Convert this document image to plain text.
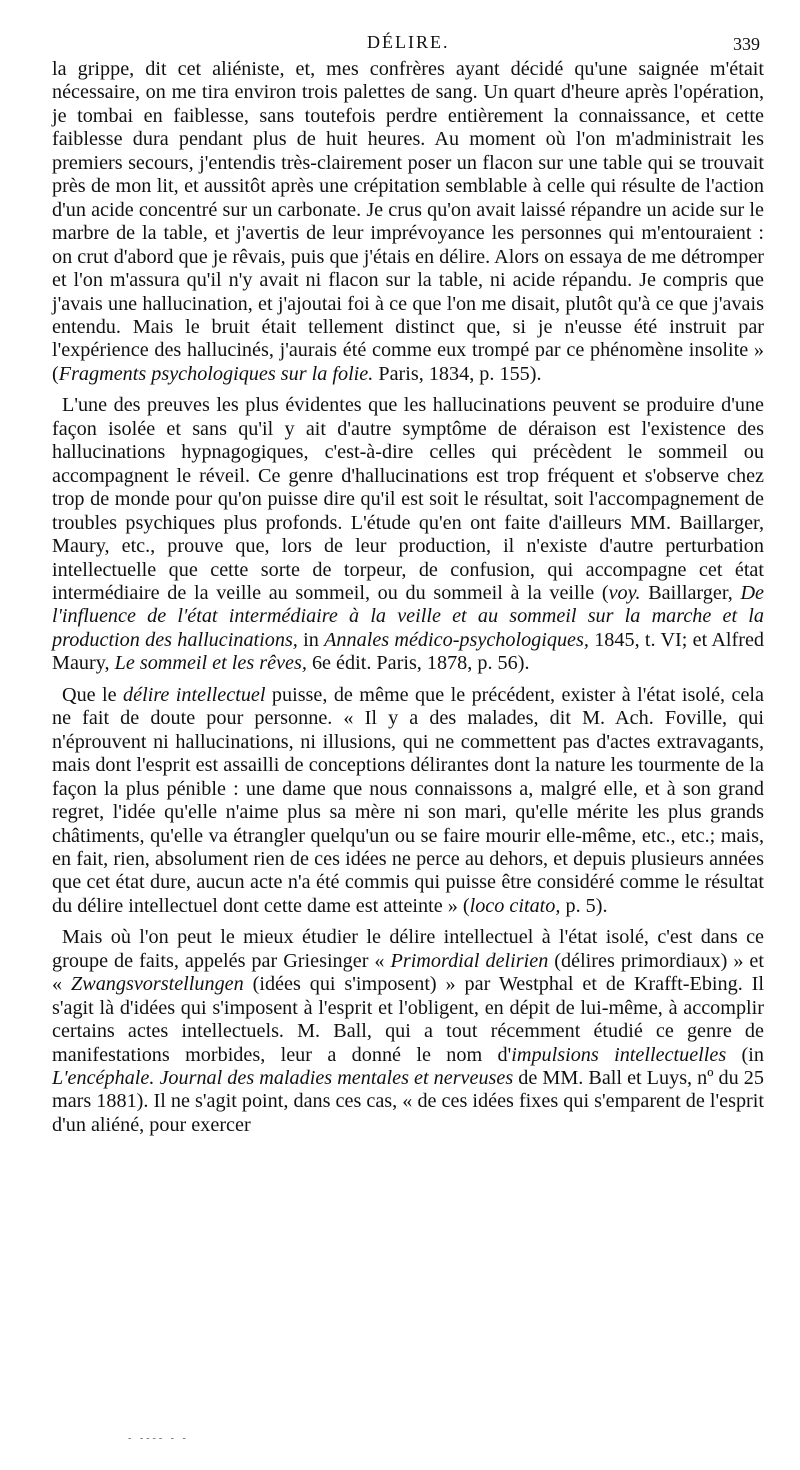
DÉLIRE.	339

la grippe, dit cet aliéniste, et, mes confrères ayant décidé qu'une saignée m'était nécessaire, on me tira environ trois palettes de sang. Un quart d'heure après l'opération, je tombai en faiblesse, sans toutefois perdre entièrement la connaissance, et cette faiblesse dura pendant plus de huit heures. Au moment où l'on m'administrait les premiers secours, j'entendis très-clairement poser un flacon sur une table qui se trouvait près de mon lit, et aussitôt après une crépitation semblable à celle qui résulte de l'action d'un acide concentré sur un carbonate. Je crus qu'on avait laissé répandre un acide sur le marbre de la table, et j'avertis de leur imprévoyance les personnes qui m'entouraient : on crut d'abord que je rêvais, puis que j'étais en délire. Alors on essaya de me détromper et l'on m'assura qu'il n'y avait ni flacon sur la table, ni acide répandu. Je compris que j'avais une hallucination, et j'ajoutai foi à ce que l'on me disait, plutôt qu'à ce que j'avais entendu. Mais le bruit était tellement distinct que, si je n'eusse été instruit par l'expérience des hallucinés, j'aurais été comme eux trompé par ce phénomène insolite » (Fragments psychologiques sur la folie. Paris, 1834, p. 155).

L'une des preuves les plus évidentes que les hallucinations peuvent se produire d'une façon isolée et sans qu'il y ait d'autre symptôme de déraison est l'existence des hallucinations hypnagogiques, c'est-à-dire celles qui précèdent le sommeil ou accompagnent le réveil. Ce genre d'hallucinations est trop fréquent et s'observe chez trop de monde pour qu'on puisse dire qu'il est soit le résultat, soit l'accompagnement de troubles psychiques plus profonds. L'étude qu'en ont faite d'ailleurs MM. Baillarger, Maury, etc., prouve que, lors de leur production, il n'existe d'autre perturbation intellectuelle que cette sorte de torpeur, de confusion, qui accompagne cet état intermédiaire de la veille au sommeil, ou du sommeil à la veille (voy. Baillarger, De l'influence de l'état intermédiaire à la veille et au sommeil sur la marche et la production des hallucinations, in Annales médico-psychologiques, 1845, t. VI; et Alfred Maury, Le sommeil et les rêves, 6e édit. Paris, 1878, p. 56).

Que le délire intellectuel puisse, de même que le précédent, exister à l'état isolé, cela ne fait de doute pour personne. « Il y a des malades, dit M. Ach. Foville, qui n'éprouvent ni hallucinations, ni illusions, qui ne commettent pas d'actes extravagants, mais dont l'esprit est assailli de conceptions délirantes dont la nature les tourmente de la façon la plus pénible : une dame que nous connaissons a, malgré elle, et à son grand regret, l'idée qu'elle n'aime plus sa mère ni son mari, qu'elle mérite les plus grands châtiments, qu'elle va étrangler quelqu'un ou se faire mourir elle-même, etc., etc.; mais, en fait, rien, absolument rien de ces idées ne perce au dehors, et depuis plusieurs années que cet état dure, aucun acte n'a été commis qui puisse être considéré comme le résultat du délire intellectuel dont cette dame est atteinte » (loco citato, p. 5).

Mais où l'on peut le mieux étudier le délire intellectuel à l'état isolé, c'est dans ce groupe de faits, appelés par Griesinger « Primordial delirien (délires primordiaux) » et « Zwangsvorstellungen (idées qui s'imposent) » par Westphal et de Krafft-Ebing. Il s'agit là d'idées qui s'imposent à l'esprit et l'obligent, en dépit de lui-même, à accomplir certains actes intellectuels. M. Ball, qui a tout récemment étudié ce genre de manifestations morbides, leur a donné le nom d'impulsions intellectuelles (in L'encéphale. Journal des maladies mentales et nerveuses de MM. Ball et Luys, nº du 25 mars 1881). Il ne s'agit point, dans ces cas, « de ces idées fixes qui s'emparent de l'esprit d'un aliéné, pour exercer

- ---- - -
